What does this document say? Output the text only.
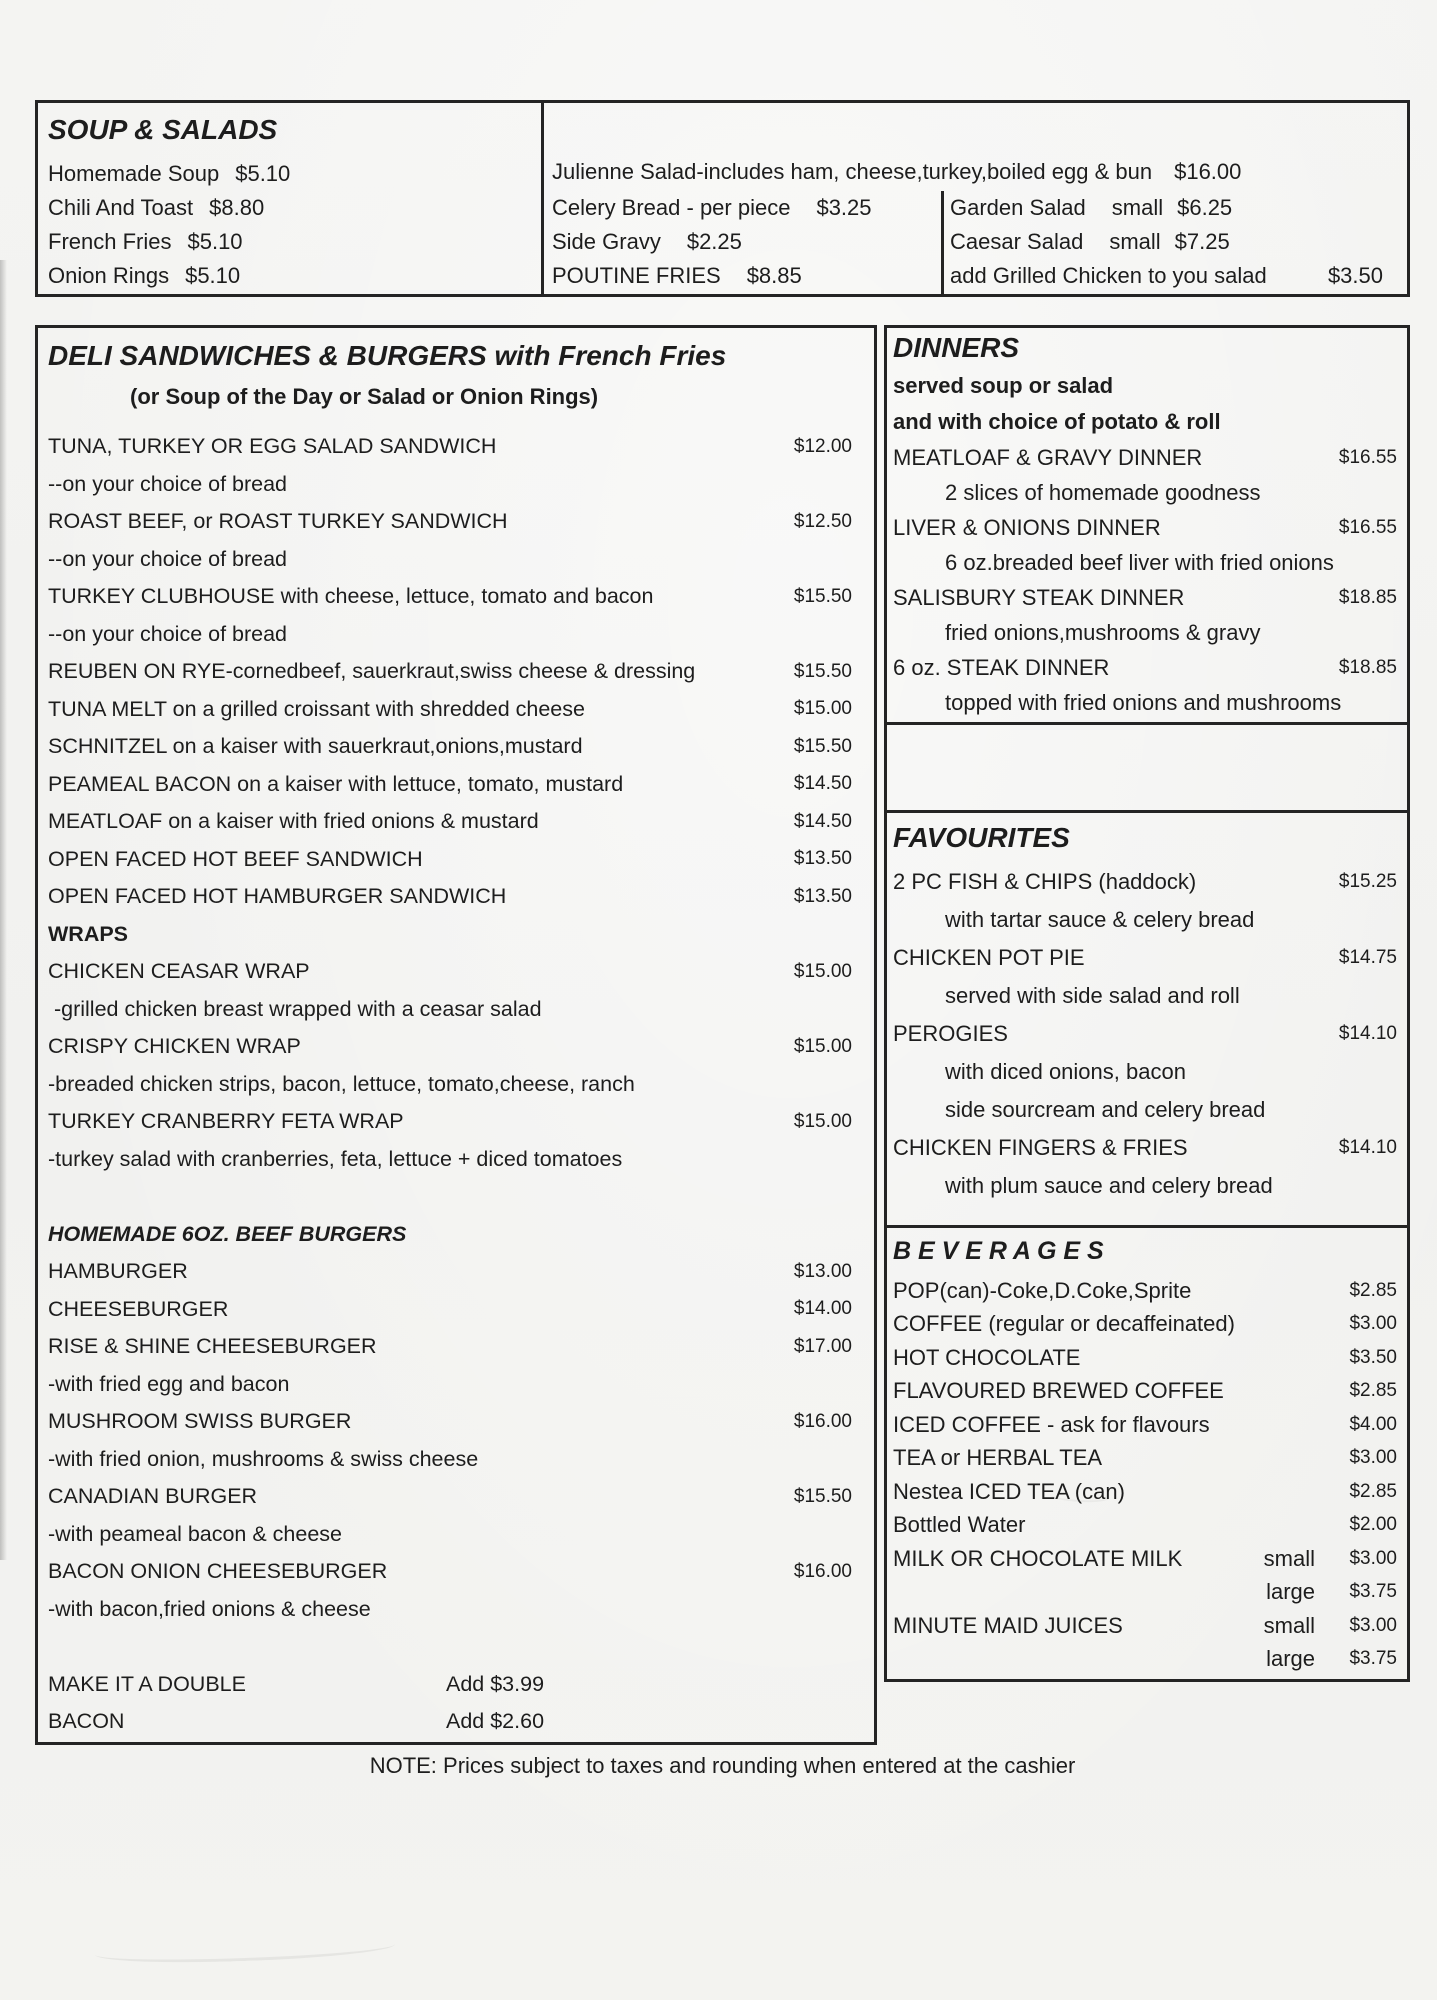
SOUP & SALADS
Homemade Soup $5.10
Chili And Toast $8.80
French Fries $5.10
Onion Rings $5.10
Julienne Salad-includes ham, cheese,turkey,boiled egg & bun $16.00
Celery Bread - per piece $3.25
Side Gravy $2.25
POUTINE FRIES $8.85
Garden Salad small $6.25
Caesar Salad small $7.25
add Grilled Chicken to you salad	$3.50
DELI SANDWICHES & BURGERS with French Fries
(or Soup of the Day or Salad or Onion Rings)
TUNA, TURKEY OR EGG SALAD SANDWICH	$12.00
--on your choice of bread
ROAST BEEF, or ROAST TURKEY SANDWICH	$12.50
--on your choice of bread
TURKEY CLUBHOUSE with cheese, lettuce, tomato and bacon	$15.50
--on your choice of bread
REUBEN ON RYE-cornedbeef, sauerkraut,swiss cheese & dressing	$15.50
TUNA MELT on a grilled croissant with shredded cheese	$15.00
SCHNITZEL on a kaiser with sauerkraut,onions,mustard	$15.50
PEAMEAL BACON on a kaiser with lettuce, tomato, mustard	$14.50
MEATLOAF on a kaiser with fried onions & mustard	$14.50
OPEN FACED HOT BEEF SANDWICH	$13.50
OPEN FACED HOT HAMBURGER SANDWICH	$13.50
WRAPS
CHICKEN CEASAR WRAP	$15.00
-grilled chicken breast wrapped with a ceasar salad
CRISPY CHICKEN WRAP	$15.00
-breaded chicken strips, bacon, lettuce, tomato,cheese, ranch
TURKEY CRANBERRY FETA WRAP	$15.00
-turkey salad with cranberries, feta, lettuce + diced tomatoes
HOMEMADE 6OZ. BEEF BURGERS
HAMBURGER	$13.00
CHEESEBURGER	$14.00
RISE & SHINE CHEESEBURGER	$17.00
-with fried egg and bacon
MUSHROOM SWISS BURGER	$16.00
-with fried onion, mushrooms & swiss cheese
CANADIAN BURGER	$15.50
-with peameal bacon & cheese
BACON ONION CHEESEBURGER	$16.00
-with bacon,fried onions & cheese
MAKE IT A DOUBLE	Add $3.99
BACON	Add $2.60
DINNERS
served soup or salad
and with choice of potato & roll
MEATLOAF & GRAVY DINNER	$16.55
2 slices of homemade goodness
LIVER & ONIONS DINNER	$16.55
6 oz.breaded beef liver with fried onions
SALISBURY STEAK DINNER	$18.85
fried onions,mushrooms & gravy
6 oz. STEAK DINNER	$18.85
topped with fried onions and mushrooms
FAVOURITES
2 PC FISH & CHIPS (haddock)	$15.25
with tartar sauce & celery bread
CHICKEN POT PIE	$14.75
served with side salad and roll
PEROGIES	$14.10
with diced onions, bacon
side sourcream and celery bread
CHICKEN FINGERS & FRIES	$14.10
with plum sauce and celery bread
B E V E R A G E S
POP(can)-Coke,D.Coke,Sprite	$2.85
COFFEE (regular or decaffeinated)	$3.00
HOT CHOCOLATE	$3.50
FLAVOURED BREWED COFFEE	$2.85
ICED COFFEE - ask for flavours	$4.00
TEA or HERBAL TEA	$3.00
Nestea ICED TEA (can)	$2.85
Bottled Water	$2.00
MILK OR CHOCOLATE MILK	small	$3.00
large	$3.75
MINUTE MAID JUICES	small	$3.00
large	$3.75
NOTE: Prices subject to taxes and rounding when entered at the cashier
